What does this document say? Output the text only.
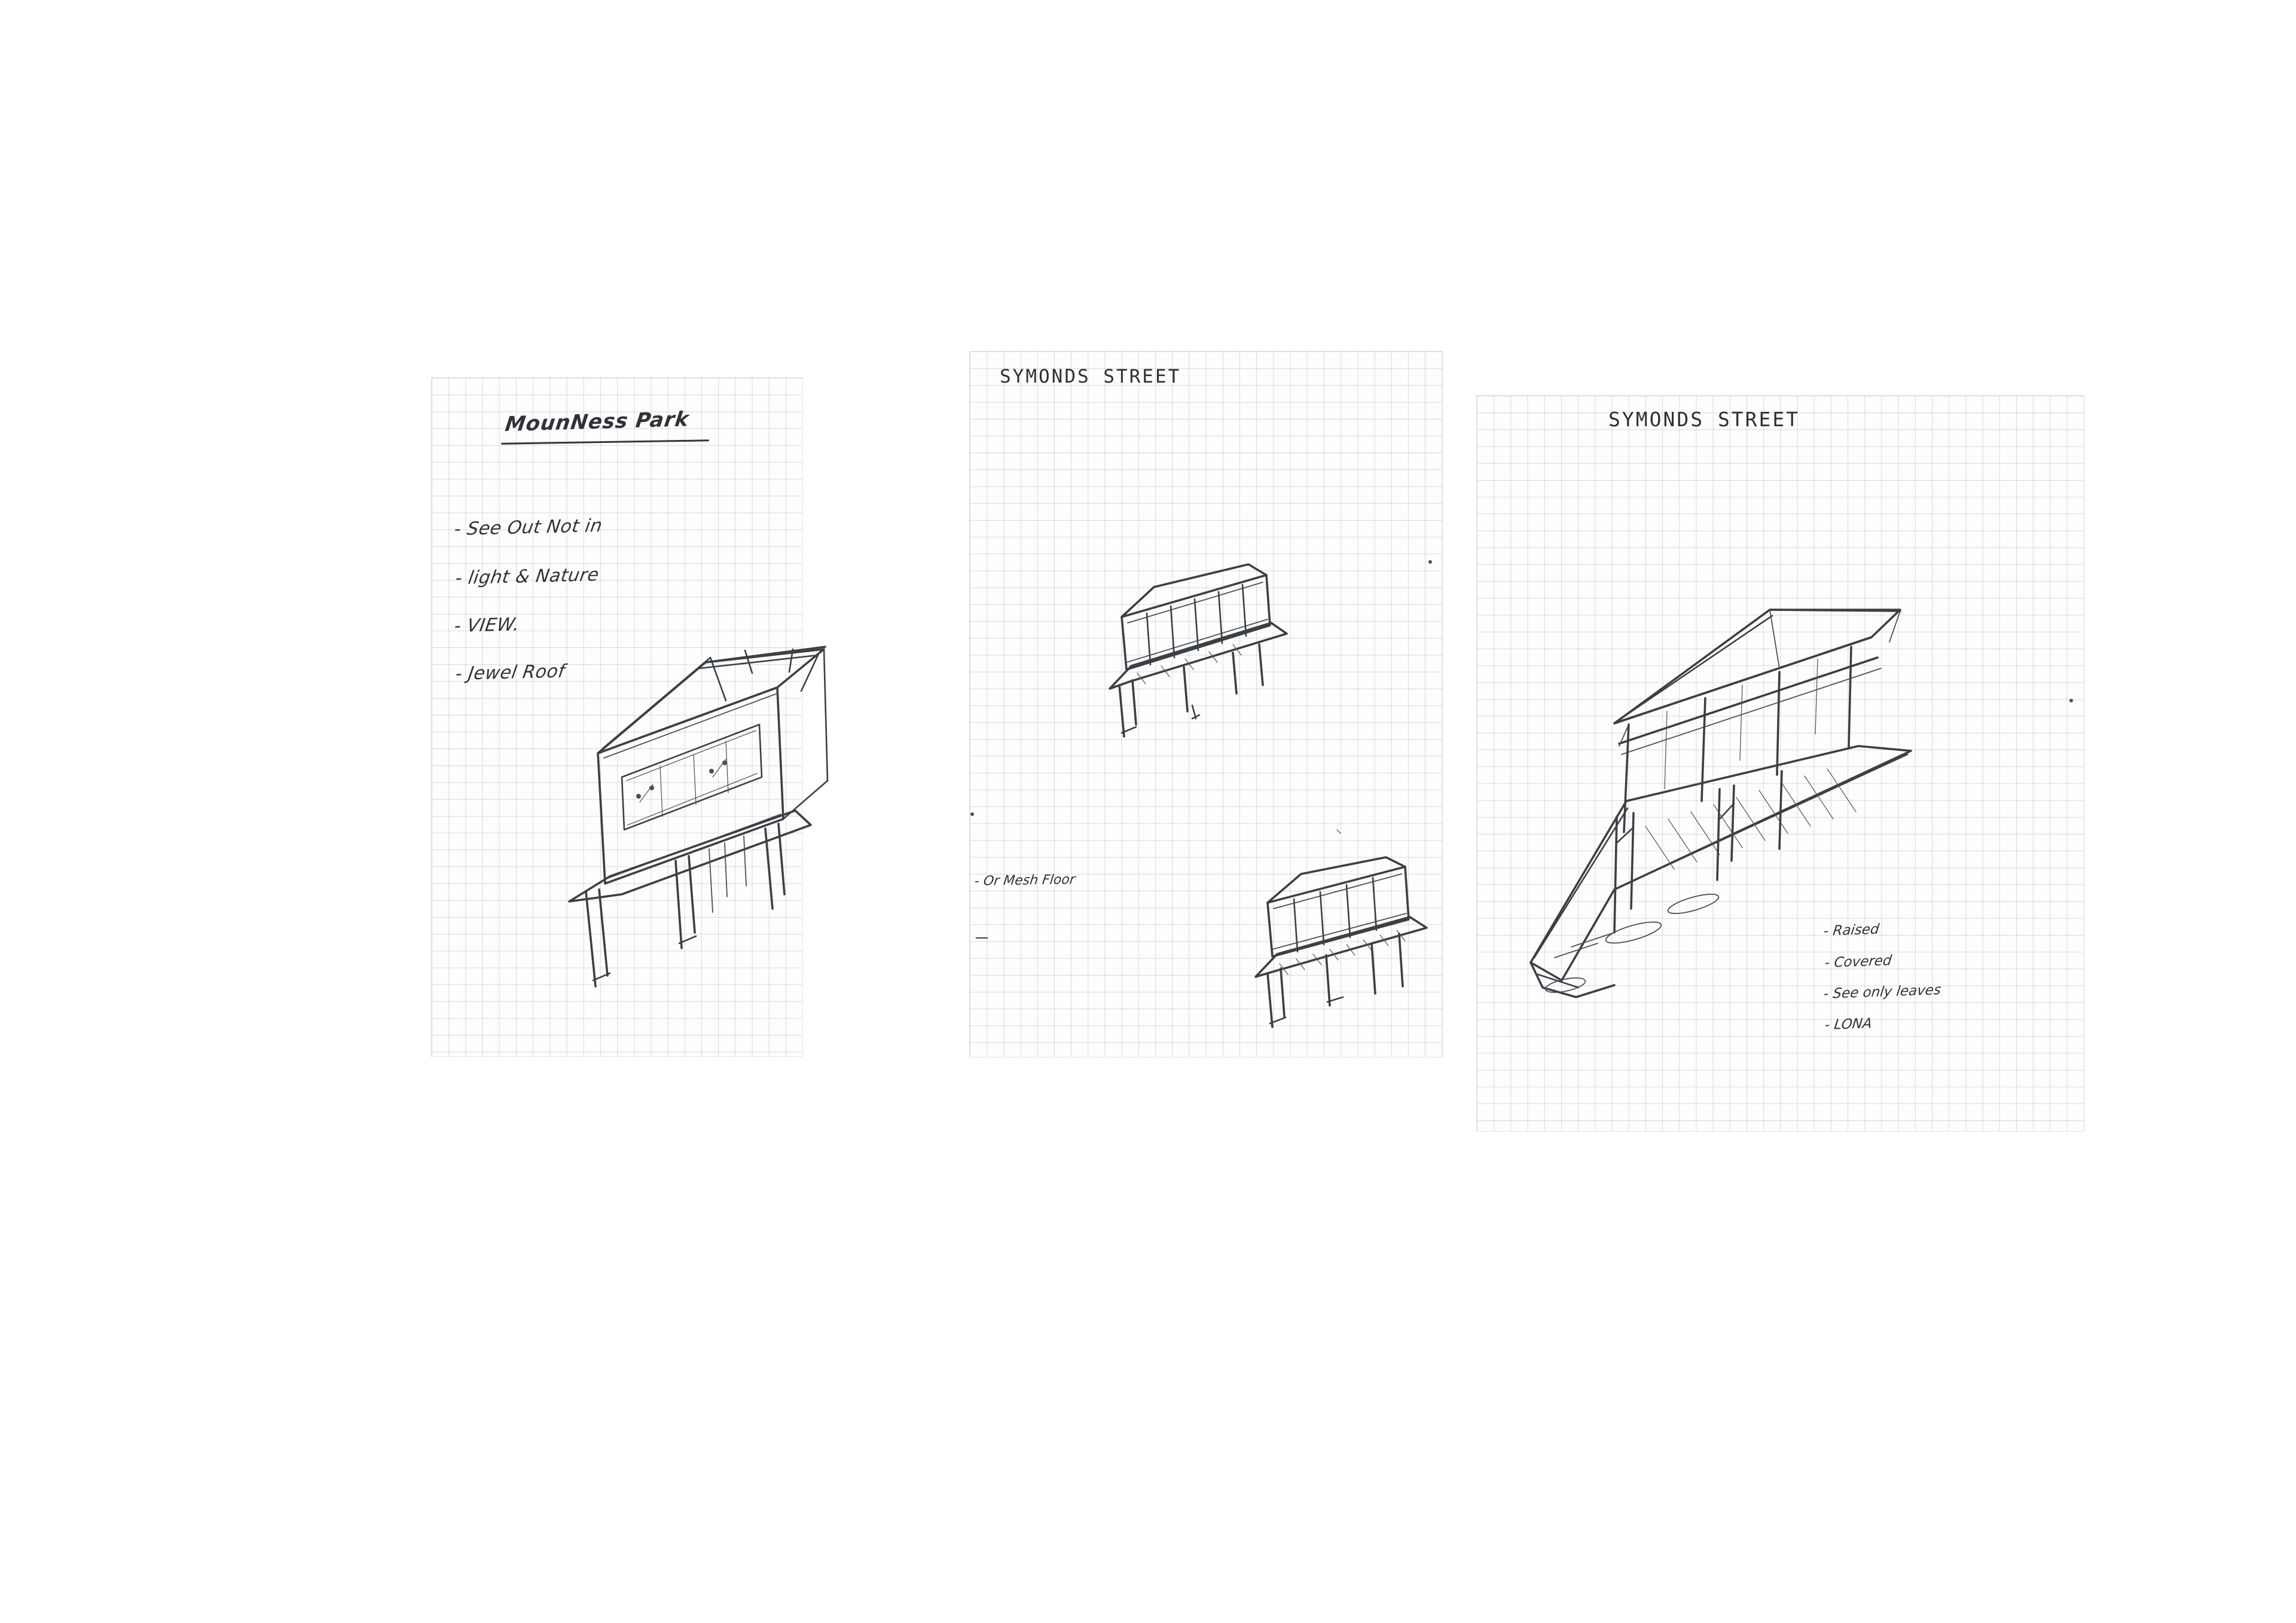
MounNess Park
- See Out Not in
- light & Nature
- VIEW.
- Jewel Roof
SYMONDS STREET
- Or Mesh Floor
SYMONDS STREET
- Raised
- Covered
- See only leaves
- LONA
